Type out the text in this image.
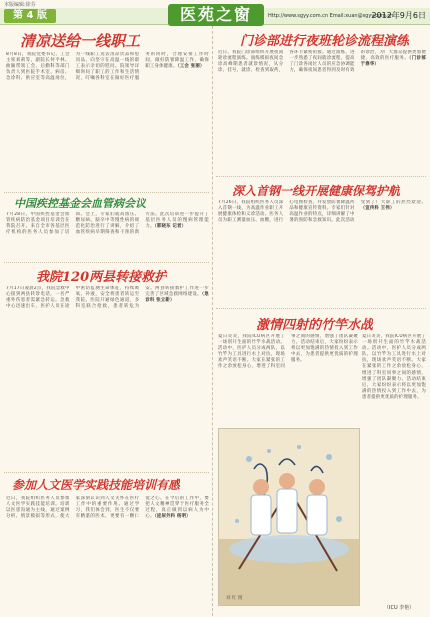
本版编辑:徐芬
第 4 版	医苑之窗	Http://www.sgyy.com.cn Email:xuan@sgyy.com.cn
2012年9月6日
清凉送给一线职工
8月8日，我院党委书记、工会主席刘莉等，副院长何平林、曲颖带领工会、后勤科等部门负责人到医院手术室、病房、急诊科、供应室等高温岗位，为一线职工送去清凉饮品和慰问品，向坚守在高温一线的职工表示亲切的慰问。院领导详细询问了职工的工作和生活情况，叮嘱各科室在做好医疗服务的同时，合理安排工作时间，做好防暑降温工作，确保职工身体健康。（工会 张丽）
中国疾控基金会血管病会议
7月28日，中国疾控基金会血管疾病防治基金项目培训会在我院召开。来自全市各基层医疗机构的医务人员参加了培训。会上，专家们就高血压、糖尿病、脑卒中等慢性病的规范化防治进行了讲解，介绍了血管疾病早期筛查和干预的新方法。此次培训进一步提升了基层医务人员的慢病管理能力。（郭晓东 记者）
我院120两县转接救护
7月17日凌晨2点，我院急救中心接到两县转诊电话，一名严重外伤患者需紧急转运。急救中心迅速出车，医护人员在途中密切监测生命体征，持续吸氧、补液，安全将患者转运至我院。医院开通绿色通道，多科室联合抢救，患者转危为安。两县转接救护工作进一步完善了区域急救网络建设。（急诊科 张立新）
参加人文医学实践技能培训有感
近日，我院组织医务人员参加人文医学实践技能培训。培训以医患沟通为主线，通过案例分析、情景模拟等形式，使大家深刻认识到人文关怀在医疗工作中的重要作用。通过学习，我们体会到，医生不仅要有精湛的医术，更要有一颗仁爱之心。在今后的工作中，要把人文精神贯穿于医疗服务全过程，真正做到以病人为中心。（泌尿外科 杨明）
门诊部进行夜班轮诊流程演练
近日，我院门诊部组织开展夜间轮诊流程演练。演练模拟夜间急诊高峰期患者就诊情况，从分诊、挂号、就诊、检查到取药，各环节紧密衔接。通过演练，进一步熟悉了夜间就诊流程，提高了门诊各岗位人员的应急协调能力，确保夜间患者得到及时有效的诊治，为广大群众提供更加便捷、高效的医疗服务。（门诊部 于春华）
深入首钢一线开展健康保驾护航
7月26日，我院组织医务人员深入首钢一线，为高温作业职工开展健康体检和义诊活动。医务人员为职工测量血压、血糖，进行心电图检查，并发放防暑降温药品和健康宣传资料。专家们针对高温作业的特点，详细讲解了中暑的预防和急救知识。此次活动受到了广大职工的热烈欢迎。（宣传科 王伟）
激情四射的竹竿水战
夏日炎炎，我院ICU病区开展了一场别开生面的竹竿水战活动。活动中，医护人员分成两队，以竹竿为工具进行水上对抗，现场欢声笑语不断。大家在紧张的工作之余放松身心，增进了科室同事之间的感情，增强了团队凝聚力。活动结束后，大家纷纷表示将以更加饱满的热情投入到工作中去，为患者提供更优质的护理服务。
夏日炎炎，我院ICU病区开展了一场别开生面的竹竿水战活动。活动中，医护人员分成两队，以竹竿为工具进行水上对抗，现场欢声笑语不断。大家在紧张的工作之余放松身心，增进了科室同事之间的感情，增强了团队凝聚力。活动结束后，大家纷纷表示将以更加饱满的热情投入到工作中去，为患者提供更优质的护理服务。
（ICU 李艳）
刘 红 摄
